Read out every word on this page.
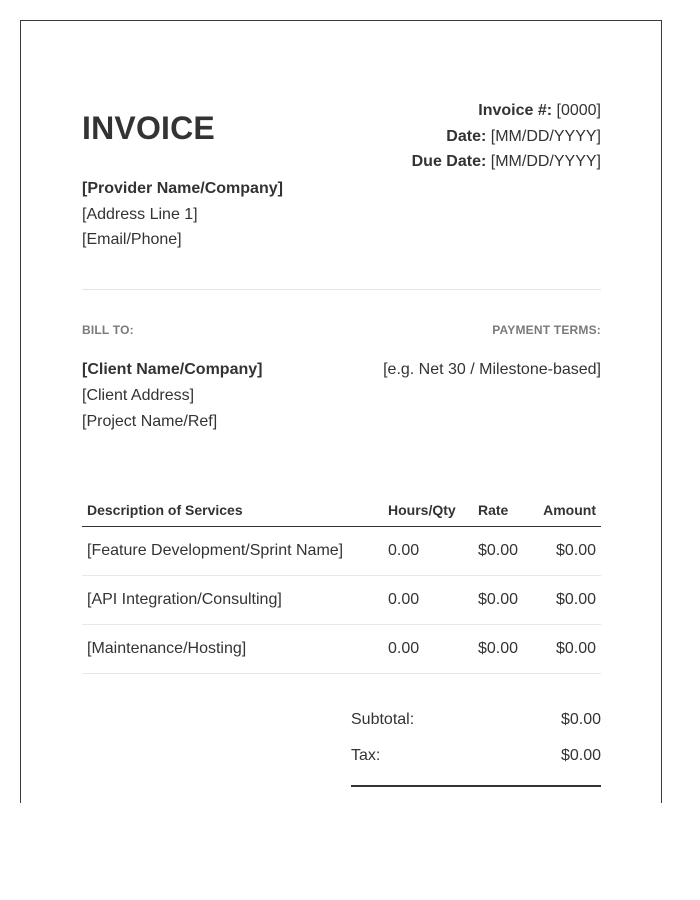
INVOICE	Invoice #: [0000]
Date: [MM/DD/YYYY]
Due Date: [MM/DD/YYYY]
[Provider Name/Company]
[Address Line 1]
[Email/Phone]
BILL TO:	PAYMENT TERMS:
[Client Name/Company]
[Client Address]
[Project Name/Ref]
[e.g. Net 30 / Milestone-based]
Description of Services	Hours/Qty	Rate	Amount
[Feature Development/Sprint Name]	0.00	$0.00	$0.00
[API Integration/Consulting]	0.00	$0.00	$0.00
[Maintenance/Hosting]	0.00	$0.00	$0.00
Subtotal:	$0.00
Tax:	$0.00
